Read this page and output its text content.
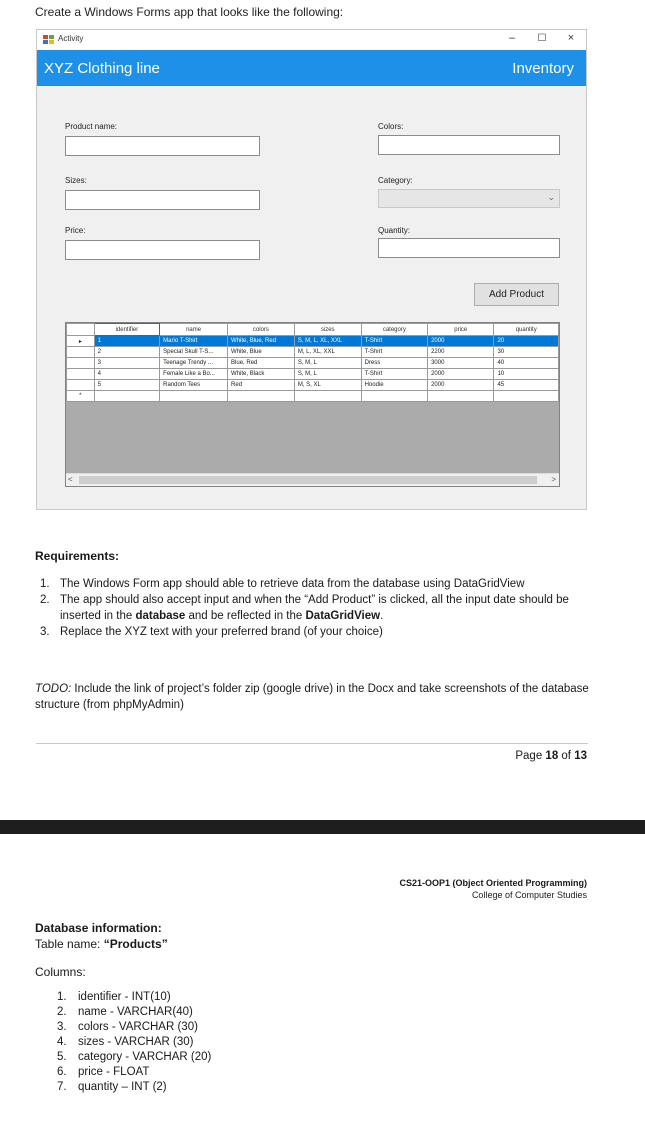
Create a Windows Forms app that looks like the following:
Activity	–	☐	×
XYZ Clothing line	Inventory
Product name:	Colors:
Sizes:	Category:
⌄
Price:	Quantity:
Add Product
	identifier	name	colors	sizes	category	price	quantity
▸	1	Mario T-Shirt	White, Blue, Red	S, M, L, XL, XXL	T-Shirt	2000	20
	2	Special Skull T-S...	White, Blue	M, L, XL, XXL	T-Shirt	2200	30
	3	Teenage Trendy ...	Blue, Red	S, M, L	Dress	3000	40
	4	Female Like a Bo...	White, Black	S, M, L	T-Shirt	2000	10
	5	Random Tees	Red	M, S, XL	Hoodie	2000	45
*							
<	>
Requirements:
1. The Windows Form app should able to retrieve data from the database using DataGridView
2. The app should also accept input and when the “Add Product” is clicked, all the input date should be inserted in the database and be reflected in the DataGridView.
3. Replace the XYZ text with your preferred brand (of your choice)
TODO: Include the link of project’s folder zip (google drive) in the Docx and take screenshots of the database structure (from phpMyAdmin)
Page 18 of 13
CS21-OOP1 (Object Oriented Programming)
College of Computer Studies
Database information:
Table name: “Products”
Columns:
1. identifier - INT(10)
2. name - VARCHAR(40)
3. colors - VARCHAR (30)
4. sizes - VARCHAR (30)
5. category - VARCHAR (20)
6. price - FLOAT
7. quantity – INT (2)
